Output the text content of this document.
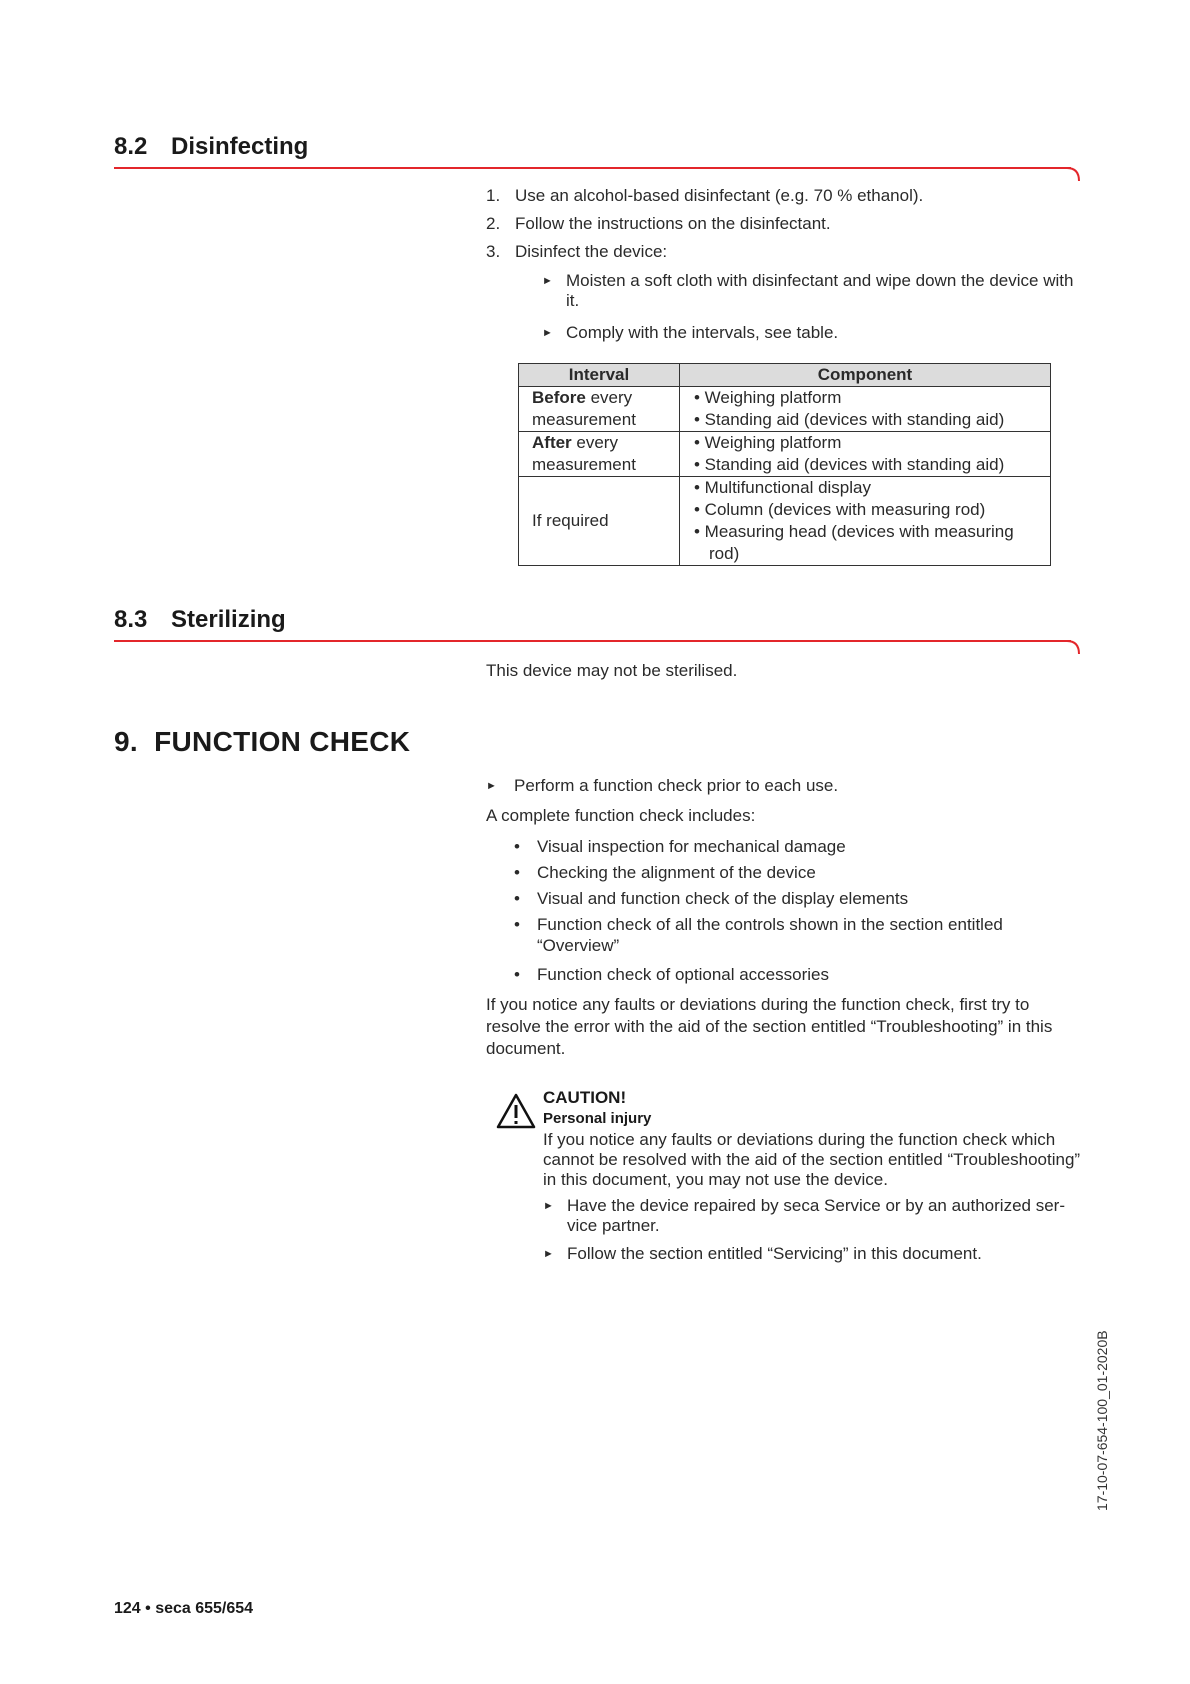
8.2 Disinfecting
1. Use an alcohol-based disinfectant (e.g. 70 % ethanol).
2. Follow the instructions on the disinfectant.
3. Disinfect the device:
► Moisten a soft cloth with disinfectant and wipe down the device with it.
► Comply with the intervals, see table.
Interval	Component
Before every measurement	• Weighing platform
• Standing aid (devices with standing aid)

After every measurement	• Weighing platform
• Standing aid (devices with standing aid)

If required	• Multifunctional display
• Column (devices with measuring rod)
• Measuring head (devices with measuring rod)
8.3 Sterilizing
This device may not be sterilised.
9. FUNCTION CHECK
► Perform a function check prior to each use.
A complete function check includes:
• Visual inspection for mechanical damage
• Checking the alignment of the device
• Visual and function check of the display elements
• Function check of all the controls shown in the section entitled “Overview”
• Function check of optional accessories
If you notice any faults or deviations during the function check, first try to resolve the error with the aid of the section entitled “Troubleshooting” in this document.
CAUTION!
Personal injury
If you notice any faults or deviations during the function check which cannot be resolved with the aid of the section entitled “Troubleshooting” in this document, you may not use the device.
► Have the device repaired by seca Service or by an authorized ser-vice partner.
► Follow the section entitled “Servicing” in this document.
17-10-07-654-100_01-2020B
124 • seca 655/654
